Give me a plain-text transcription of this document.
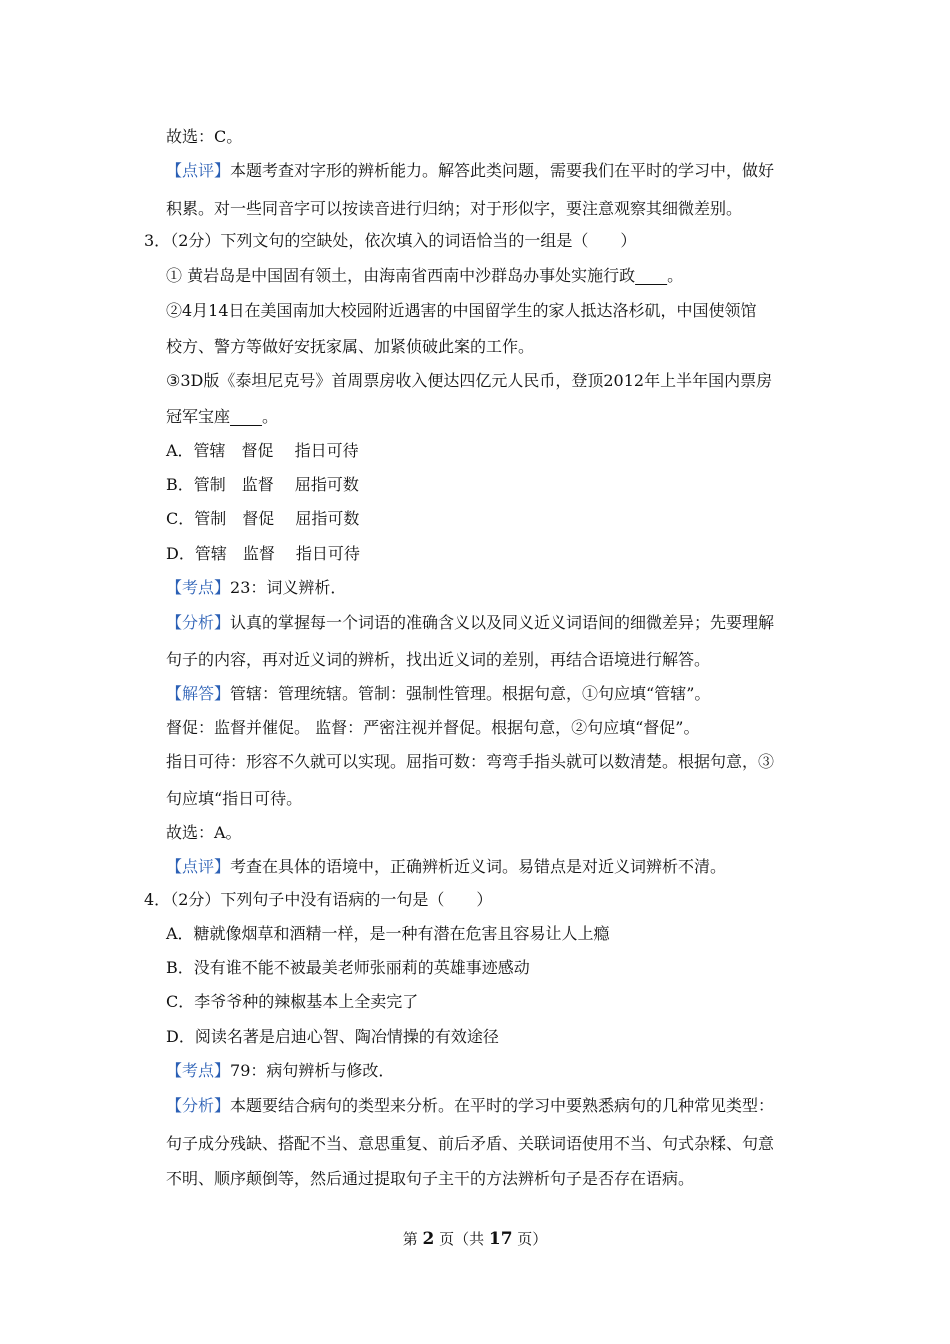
故选：C。
【点评】本题考查对字形的辨析能力。解答此类问题，需要我们在平时的学习中，做好
积累。对一些同音字可以按读音进行归纳；对于形似字，要注意观察其细微差别。
3．（2分）下列文句的空缺处，依次填入的词语恰当的一组是（　　）
① 黄岩岛是中国固有领土，由海南省西南中沙群岛办事处实施行政　　 。
②4月14日在美国南加大校园附近遇害的中国留学生的家人抵达洛杉矶，中国使领馆
校方、警方等做好安抚家属、加紧侦破此案的工作。
③3D版《泰坦尼克号》首周票房收入便达四亿元人民币，登顶2012年上半年国内票房
冠军宝座　　 。
A．管辖　督促　 指日可待
B．管制　监督　 屈指可数
C．管制　督促　 屈指可数
D．管辖　监督　 指日可待
【考点】23：词义辨析．
【分析】认真的掌握每一个词语的准确含义以及同义近义词语间的细微差异；先要理解
句子的内容，再对近义词的辨析，找出近义词的差别，再结合语境进行解答。
【解答】管辖：管理统辖。管制：强制性管理。根据句意，①句应填“管辖”。
督促：监督并催促。 监督：严密注视并督促。根据句意，②句应填“督促”。
指日可待：形容不久就可以实现。屈指可数：弯弯手指头就可以数清楚。根据句意，③
句应填“指日可待。
故选：A。
【点评】考查在具体的语境中，正确辨析近义词。易错点是对近义词辨析不清。
4．（2分）下列句子中没有语病的一句是（　　）
A．糖就像烟草和酒精一样，是一种有潜在危害且容易让人上瘾
B．没有谁不能不被最美老师张丽莉的英雄事迹感动
C．李爷爷种的辣椒基本上全卖完了
D．阅读名著是启迪心智、陶冶情操的有效途径
【考点】79：病句辨析与修改．
【分析】本题要结合病句的类型来分析。在平时的学习中要熟悉病句的几种常见类型：
句子成分残缺、搭配不当、意思重复、前后矛盾、关联词语使用不当、句式杂糅、句意
不明、顺序颠倒等，然后通过提取句子主干的方法辨析句子是否存在语病。
第 2 页（共 17 页）
